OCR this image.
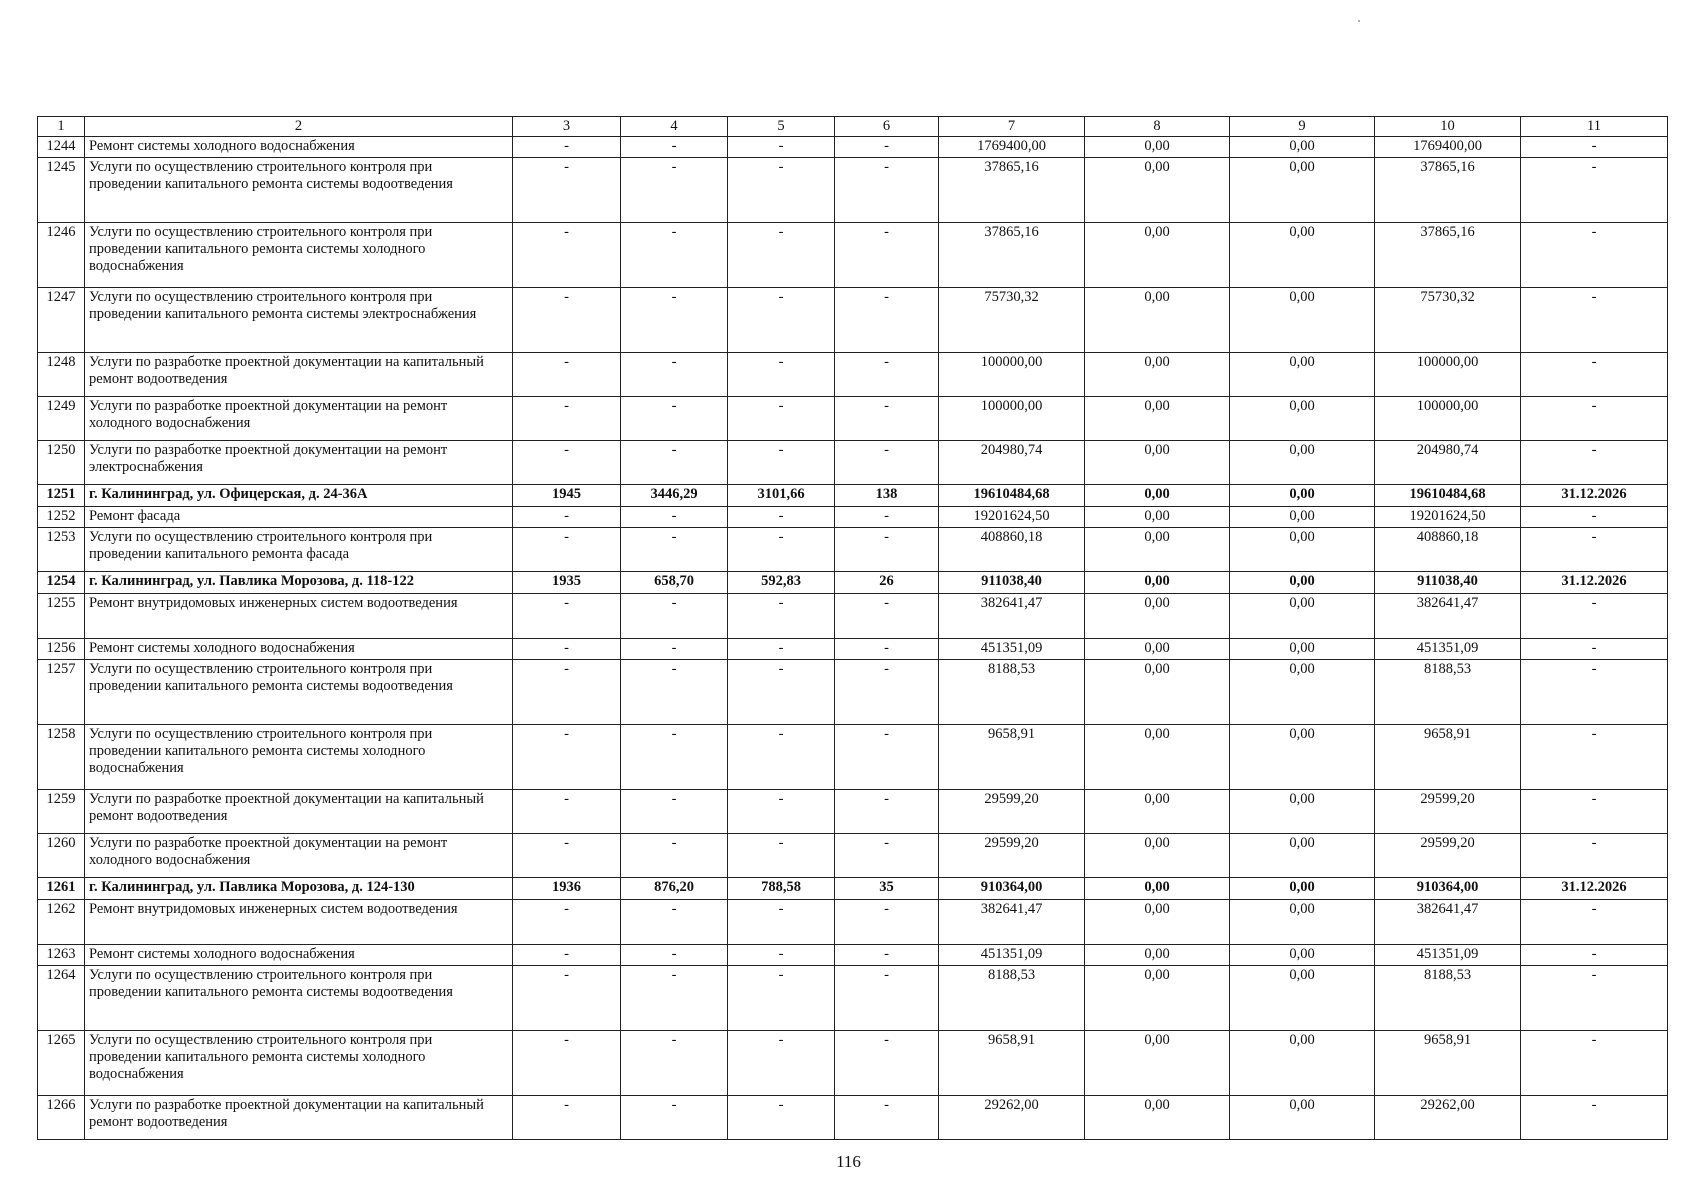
1	2	3	4	5	6	7	8	9	10	11
1244	Ремонт системы холодного водоснабжения	-	-	-	-	1769400,00	0,00	0,00	1769400,00	-
1245	Услуги по осуществлению строительного контроля при проведении капитального ремонта системы водоотведения	-	-	-	-	37865,16	0,00	0,00	37865,16	-
1246	Услуги по осуществлению строительного контроля при проведении капитального ремонта системы холодного водоснабжения	-	-	-	-	37865,16	0,00	0,00	37865,16	-
1247	Услуги по осуществлению строительного контроля при проведении капитального ремонта системы электроснабжения	-	-	-	-	75730,32	0,00	0,00	75730,32	-
1248	Услуги по разработке проектной документации на капитальный ремонт водоотведения	-	-	-	-	100000,00	0,00	0,00	100000,00	-
1249	Услуги по разработке проектной документации на ремонт холодного водоснабжения	-	-	-	-	100000,00	0,00	0,00	100000,00	-
1250	Услуги по разработке проектной документации на ремонт электроснабжения	-	-	-	-	204980,74	0,00	0,00	204980,74	-
1251	г. Калининград, ул. Офицерская, д. 24-36А	1945	3446,29	3101,66	138	19610484,68	0,00	0,00	19610484,68	31.12.2026
1252	Ремонт фасада	-	-	-	-	19201624,50	0,00	0,00	19201624,50	-
1253	Услуги по осуществлению строительного контроля при проведении капитального ремонта фасада	-	-	-	-	408860,18	0,00	0,00	408860,18	-
1254	г. Калининград, ул. Павлика Морозова, д. 118-122	1935	658,70	592,83	26	911038,40	0,00	0,00	911038,40	31.12.2026
1255	Ремонт внутридомовых инженерных систем водоотведения	-	-	-	-	382641,47	0,00	0,00	382641,47	-
1256	Ремонт системы холодного водоснабжения	-	-	-	-	451351,09	0,00	0,00	451351,09	-
1257	Услуги по осуществлению строительного контроля при проведении капитального ремонта системы водоотведения	-	-	-	-	8188,53	0,00	0,00	8188,53	-
1258	Услуги по осуществлению строительного контроля при проведении капитального ремонта системы холодного водоснабжения	-	-	-	-	9658,91	0,00	0,00	9658,91	-
1259	Услуги по разработке проектной документации на капитальный ремонт водоотведения	-	-	-	-	29599,20	0,00	0,00	29599,20	-
1260	Услуги по разработке проектной документации на ремонт холодного водоснабжения	-	-	-	-	29599,20	0,00	0,00	29599,20	-
1261	г. Калининград, ул. Павлика Морозова, д. 124-130	1936	876,20	788,58	35	910364,00	0,00	0,00	910364,00	31.12.2026
1262	Ремонт внутридомовых инженерных систем водоотведения	-	-	-	-	382641,47	0,00	0,00	382641,47	-
1263	Ремонт системы холодного водоснабжения	-	-	-	-	451351,09	0,00	0,00	451351,09	-
1264	Услуги по осуществлению строительного контроля при проведении капитального ремонта системы водоотведения	-	-	-	-	8188,53	0,00	0,00	8188,53	-
1265	Услуги по осуществлению строительного контроля при проведении капитального ремонта системы холодного водоснабжения	-	-	-	-	9658,91	0,00	0,00	9658,91	-
1266	Услуги по разработке проектной документации на капитальный ремонт водоотведения	-	-	-	-	29262,00	0,00	0,00	29262,00	-
116
